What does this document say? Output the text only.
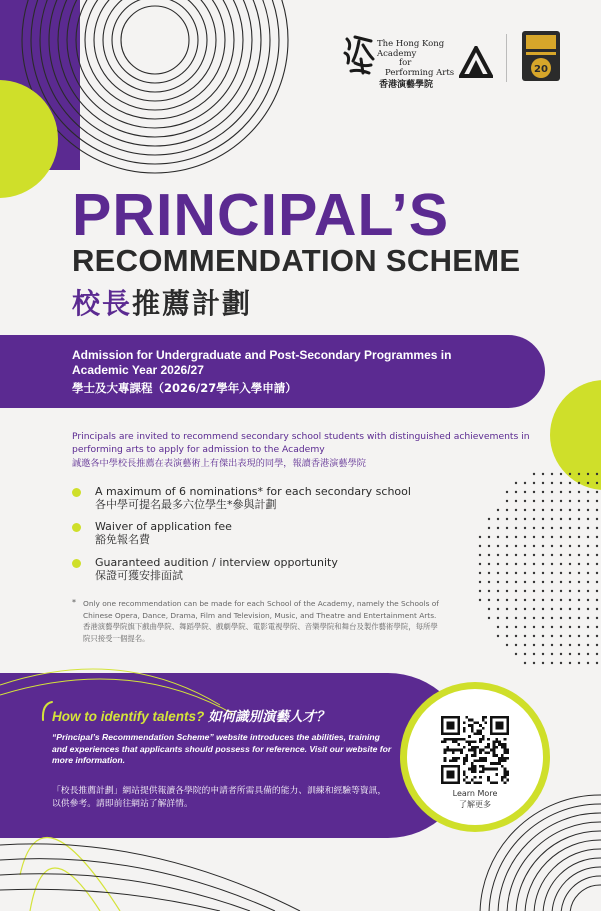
The Hong Kong Academy
for
Performing Arts
香港演藝學院
20
PRINCIPAL’S
RECOMMENDATION SCHEME
校長推薦計劃
Admission for Undergraduate and Post-Secondary Programmes in Academic Year 2026/27
學士及大專課程（2026/27學年入學申請）
Principals are invited to recommend secondary school students with distinguished achievements in performing arts to apply for admission to the Academy
誠邀各中學校長推薦在表演藝術上有傑出表現的同學，報讀香港演藝學院
A maximum of 6 nominations* for each secondary school
各中學可提名最多六位學生*參與計劃
Waiver of application fee
豁免報名費
Guaranteed audition / interview opportunity
保證可獲安排面試
* Only one recommendation can be made for each School of the Academy, namely the Schools of Chinese Opera, Dance, Drama, Film and Television, Music, and Theatre and Entertainment Arts.
香港演藝學院旗下戲曲學院、舞蹈學院、戲劇學院、電影電視學院、音樂學院和舞台及製作藝術學院，每所學院只接受一個提名。
How to identify talents? 如何識別演藝人才？
“Principal’s Recommendation Scheme” website introduces the abilities, training and experiences that applicants should possess for reference. Visit our website for more information.
「校長推薦計劃」網站提供報讀各學院的申請者所需具備的能力、訓練和經驗等資訊，以供參考。請即前往網站了解詳情。
Learn More
了解更多
